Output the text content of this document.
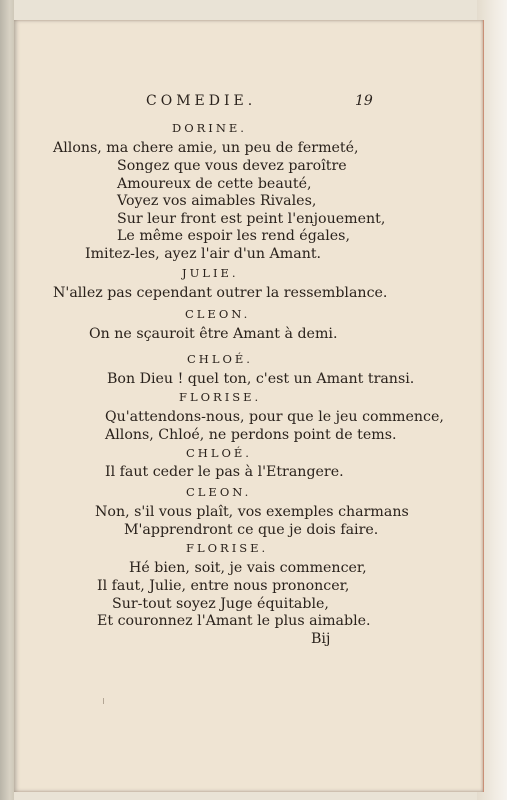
COMEDIE.	19
DORINE.
Allons, ma chere amie, un peu de fermeté,
Songez que vous devez paroître
Amoureux de cette beauté,
Voyez vos aimables Rivales,
Sur leur front est peint l'enjouement,
Le même espoir les rend égales,
Imitez-les, ayez l'air d'un Amant.
JULIE.
N'allez pas cependant outrer la ressemblance.
CLEON.
On ne sçauroit être Amant à demi.
CHLOÉ.
Bon Dieu ! quel ton, c'est un Amant transi.
FLORISE.
Qu'attendons-nous, pour que le jeu commence,
Allons, Chloé, ne perdons point de tems.
CHLOÉ.
Il faut ceder le pas à l'Etrangere.
CLEON.
Non, s'il vous plaît, vos exemples charmans
M'apprendront ce que je dois faire.
FLORISE.
Hé bien, soit, je vais commencer,
Il faut, Julie, entre nous prononcer,
Sur-tout soyez Juge équitable,
Et couronnez l'Amant le plus aimable.
Bij
